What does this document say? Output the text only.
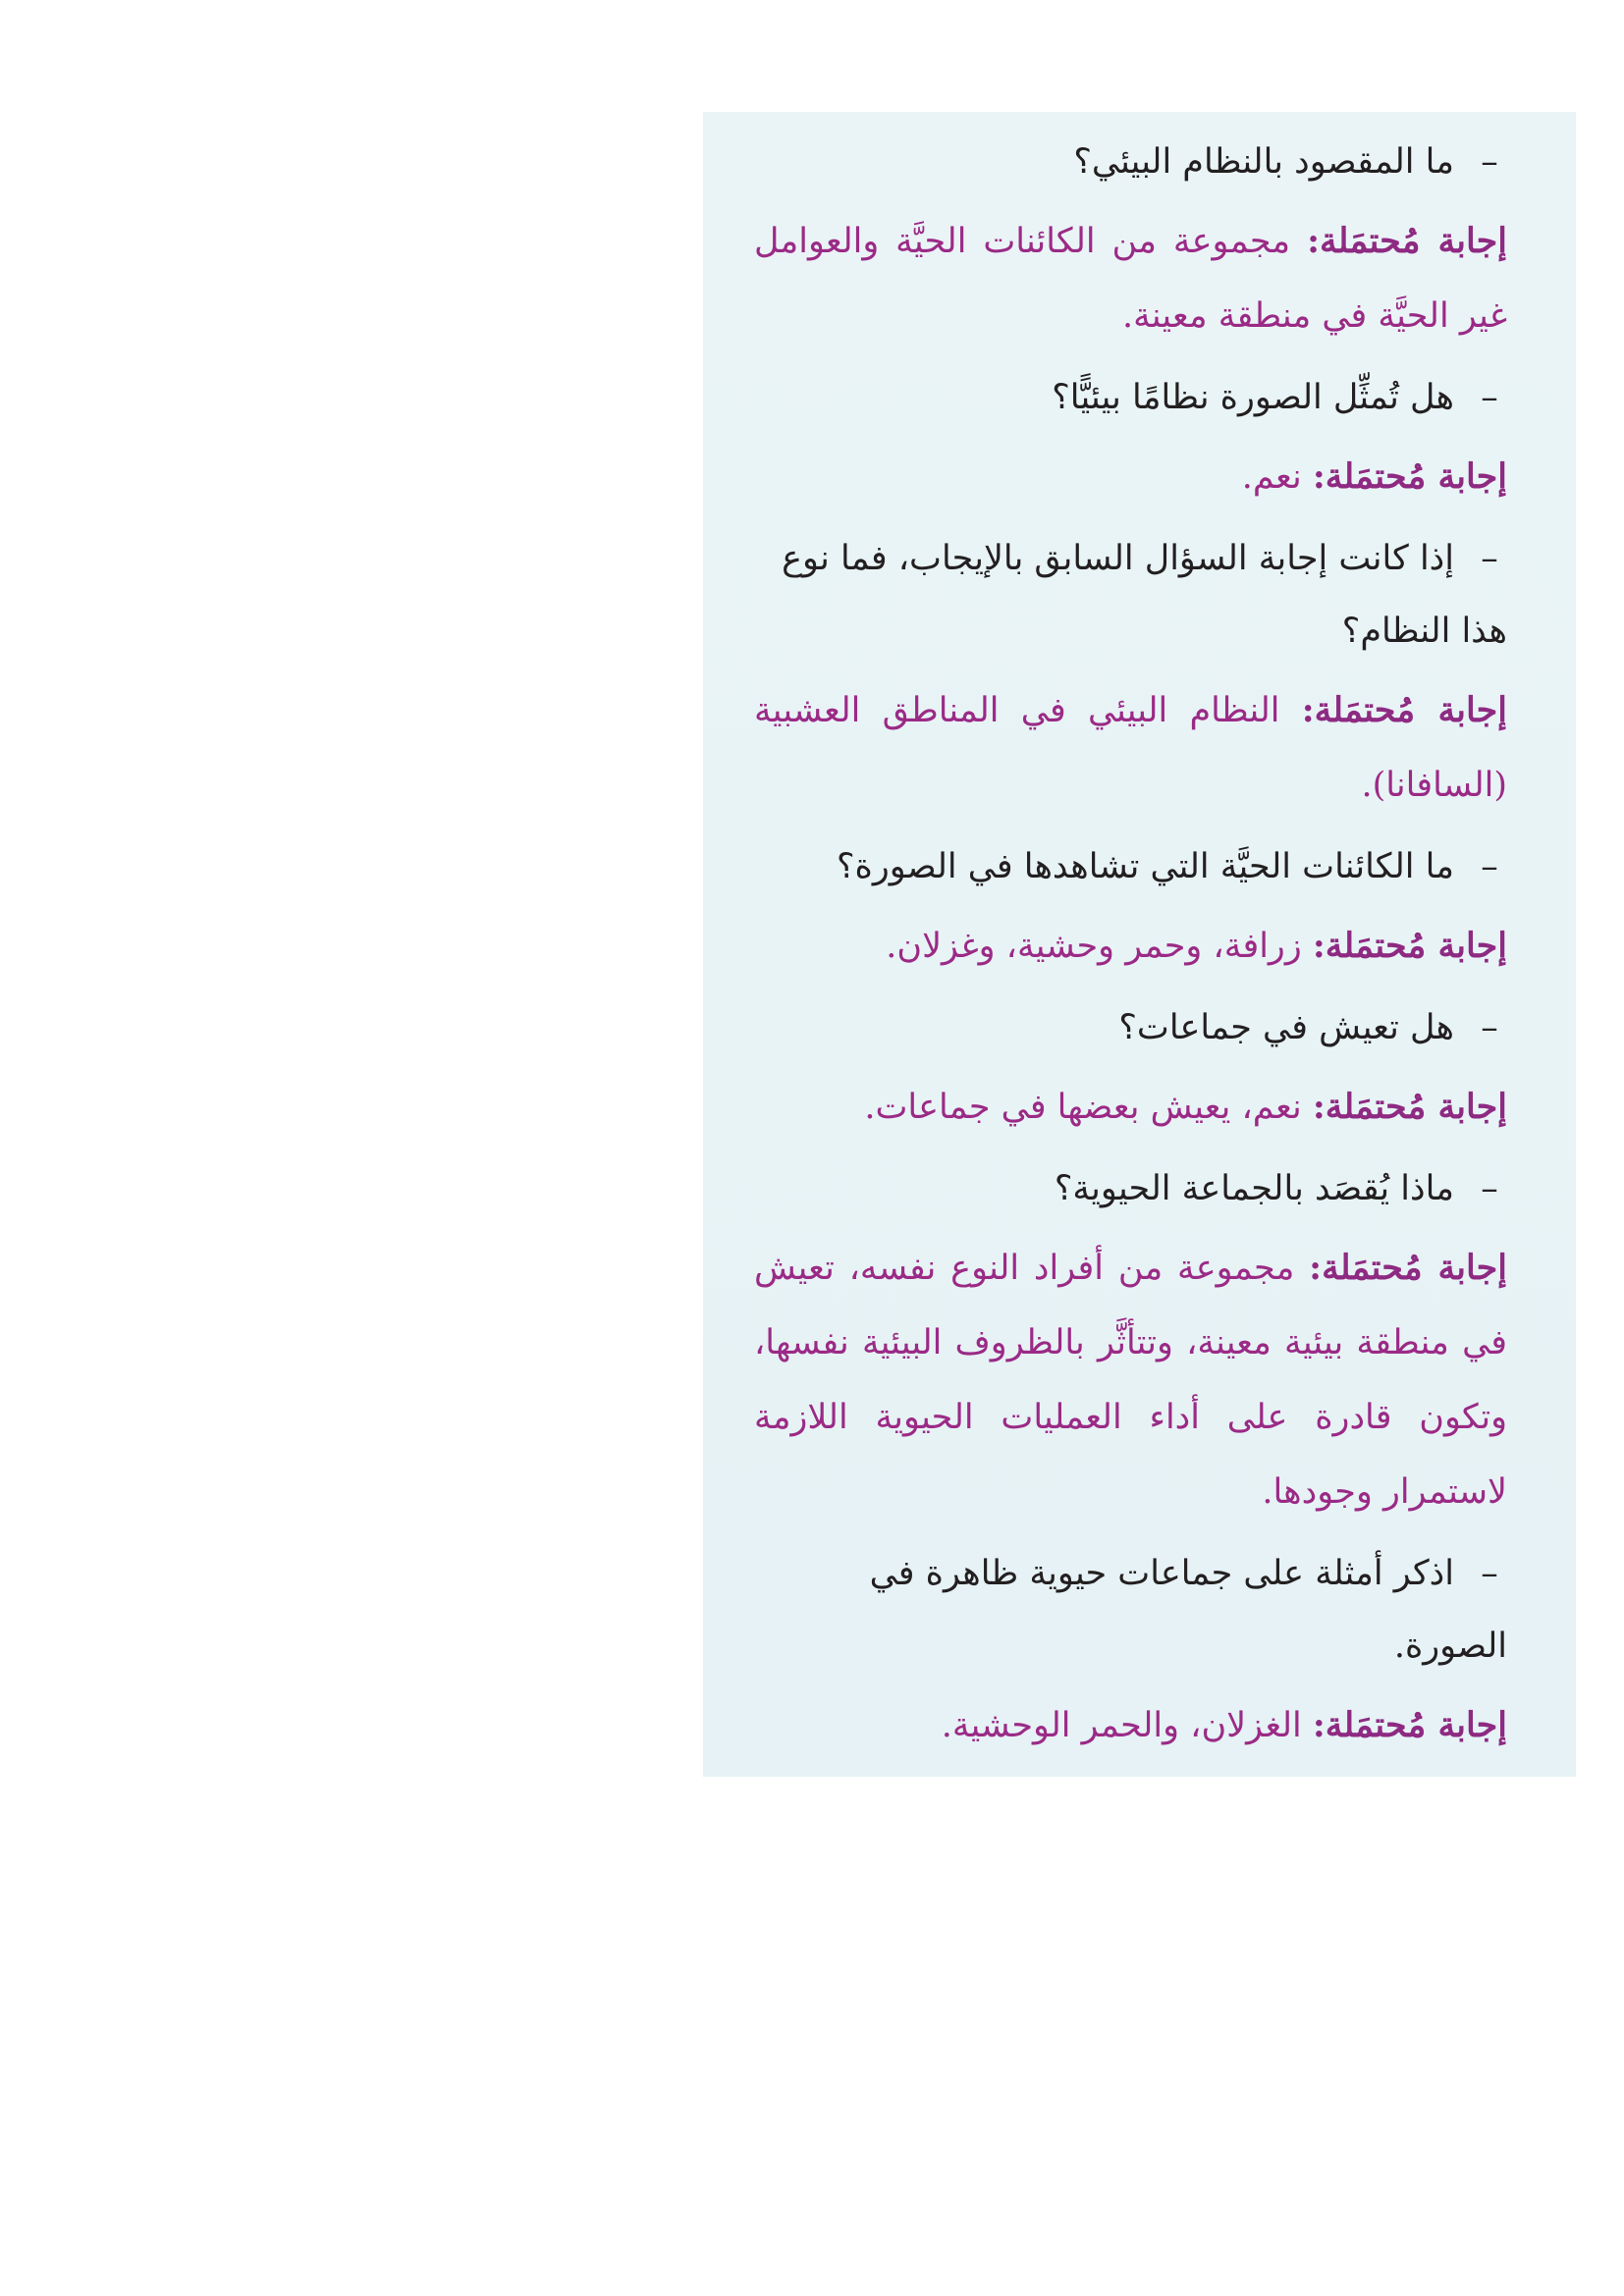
–ما المقصود بالنظام البيئي؟

إجابة مُحتمَلة: مجموعة من الكائنات الحيَّة والعوامل غير الحيَّة في منطقة معينة.

–هل تُمثِّل الصورة نظامًا بيئيًّا؟

إجابة مُحتمَلة: نعم.

–إذا كانت إجابة السؤال السابق بالإيجاب، فما نوع هذا النظام؟

إجابة مُحتمَلة: النظام البيئي في المناطق العشبية (السافانا).

–ما الكائنات الحيَّة التي تشاهدها في الصورة؟

إجابة مُحتمَلة: زرافة، وحمر وحشية، وغزلان.

–هل تعيش في جماعات؟

إجابة مُحتمَلة: نعم، يعيش بعضها في جماعات.

–ماذا يُقصَد بالجماعة الحيوية؟

إجابة مُحتمَلة: مجموعة من أفراد النوع نفسه، تعيش في منطقة بيئية معينة، وتتأثَّر بالظروف البيئية نفسها، وتكون قادرة على أداء العمليات الحيوية اللازمة لاستمرار وجودها.

–اذكر أمثلة على جماعات حيوية ظاهرة في الصورة.

إجابة مُحتمَلة: الغزلان، والحمر الوحشية.
